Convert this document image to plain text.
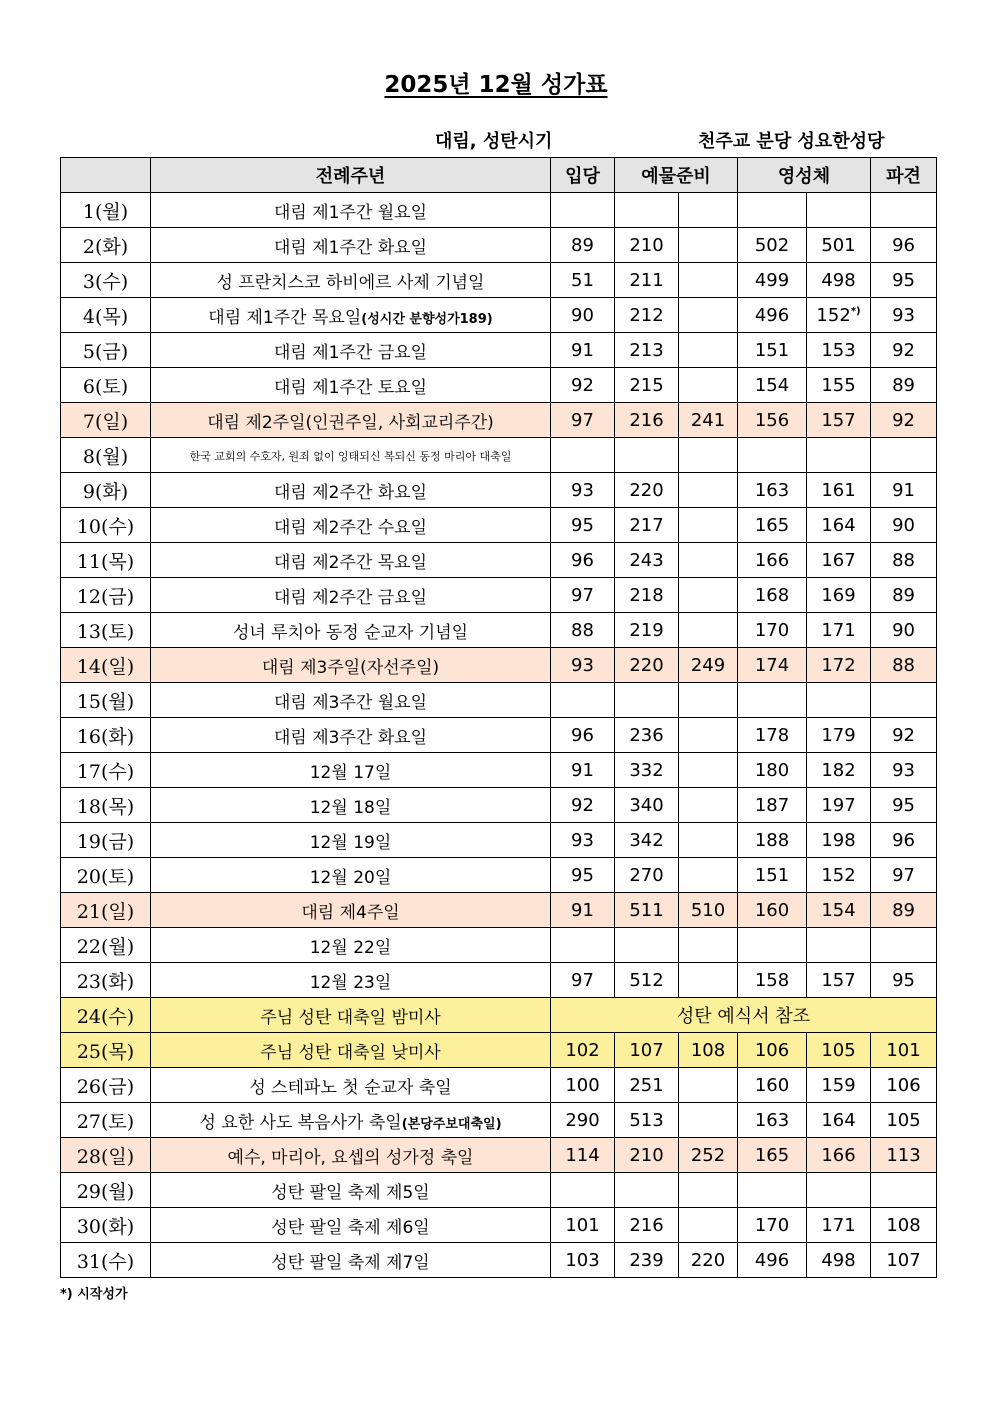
2025년 12월 성가표
대림, 성탄시기	천주교 분당 성요한성당
	전례주년	입당	예물준비		영성체		파견
1(월)	대림 제1주간 월요일						
2(화)	대림 제1주간 화요일	89	210		502	501	96
3(수)	성 프란치스코 하비에르 사제 기념일	51	211		499	498	95
4(목)	대림 제1주간 목요일(성시간 분향성가189)	90	212		496	152*)	93
5(금)	대림 제1주간 금요일	91	213		151	153	92
6(토)	대림 제1주간 토요일	92	215		154	155	89
7(일)	대림 제2주일(인권주일, 사회교리주간)	97	216	241	156	157	92
8(월)	한국 교회의 수호자, 원죄 없이 잉태되신 복되신 동정 마리아 대축일						
9(화)	대림 제2주간 화요일	93	220		163	161	91
10(수)	대림 제2주간 수요일	95	217		165	164	90
11(목)	대림 제2주간 목요일	96	243		166	167	88
12(금)	대림 제2주간 금요일	97	218		168	169	89
13(토)	성녀 루치아 동정 순교자 기념일	88	219		170	171	90
14(일)	대림 제3주일(자선주일)	93	220	249	174	172	88
15(월)	대림 제3주간 월요일						
16(화)	대림 제3주간 화요일	96	236		178	179	92
17(수)	12월 17일	91	332		180	182	93
18(목)	12월 18일	92	340		187	197	95
19(금)	12월 19일	93	342		188	198	96
20(토)	12월 20일	95	270		151	152	97
21(일)	대림 제4주일	91	511	510	160	154	89
22(월)	12월 22일						
23(화)	12월 23일	97	512		158	157	95
24(수)	주님 성탄 대축일 밤미사	성탄 예식서 참조					
25(목)	주님 성탄 대축일 낮미사	102	107	108	106	105	101
26(금)	성 스테파노 첫 순교자 축일	100	251		160	159	106
27(토)	성 요한 사도 복음사가 축일(본당주보대축일)	290	513		163	164	105
28(일)	예수, 마리아, 요셉의 성가정 축일	114	210	252	165	166	113
29(월)	성탄 팔일 축제 제5일						
30(화)	성탄 팔일 축제 제6일	101	216		170	171	108
31(수)	성탄 팔일 축제 제7일	103	239	220	496	498	107
*) 시작성가
